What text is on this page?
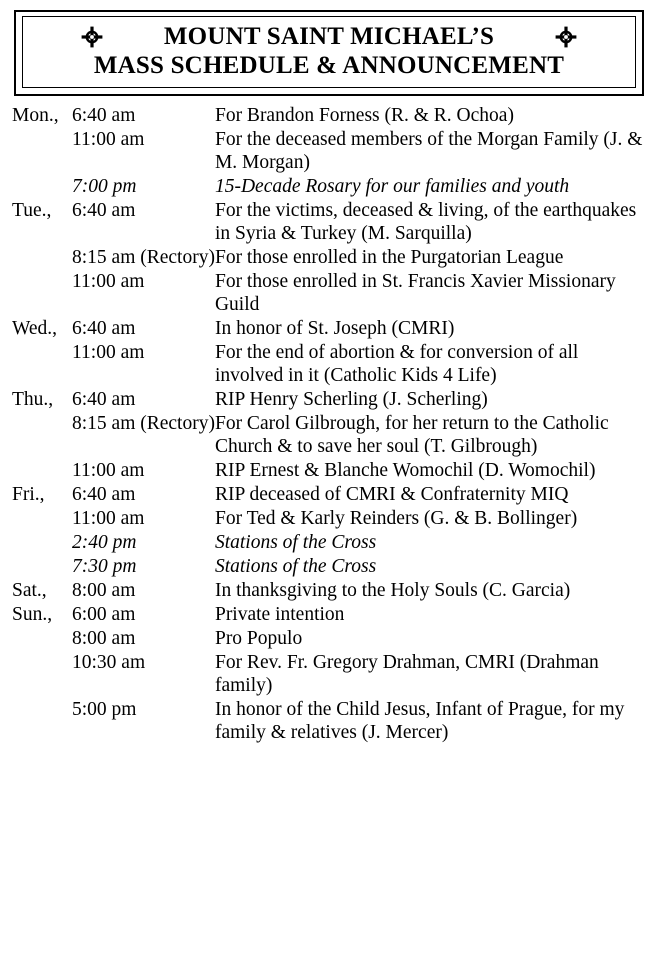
MOUNT SAINT MICHAEL’S
MASS SCHEDULE & ANNOUNCEMENT
Mon.,	6:40 am	For Brandon Forness (R. & R. Ochoa)
	11:00 am	For the deceased members of the Morgan Family (J. & M. Morgan)
	7:00 pm	15-Decade Rosary for our families and youth
Tue.,	6:40 am	For the victims, deceased & living, of the earthquakes in Syria & Turkey (M. Sarquilla)
	8:15 am (Rectory)	For those enrolled in the Purgatorian League
	11:00 am	For those enrolled in St. Francis Xavier Missionary Guild
Wed.,	6:40 am	In honor of St. Joseph (CMRI)
	11:00 am	For the end of abortion & for conversion of all involved in it (Catholic Kids 4 Life)
Thu.,	6:40 am	RIP Henry Scherling (J. Scherling)
	8:15 am (Rectory)	For Carol Gilbrough, for her return to the Catholic Church & to save her soul (T. Gilbrough)
	11:00 am	RIP Ernest & Blanche Womochil (D. Womochil)
Fri.,	6:40 am	RIP deceased of CMRI & Confraternity MIQ
	11:00 am	For Ted & Karly Reinders (G. & B. Bollinger)
	2:40 pm	Stations of the Cross
	7:30 pm	Stations of the Cross
Sat.,	8:00 am	In thanksgiving to the Holy Souls (C. Garcia)
Sun.,	6:00 am	Private intention
	8:00 am	Pro Populo
	10:30 am	For Rev. Fr. Gregory Drahman, CMRI (Drahman family)
	5:00 pm	In honor of the Child Jesus, Infant of Prague, for my family & relatives (J. Mercer)
